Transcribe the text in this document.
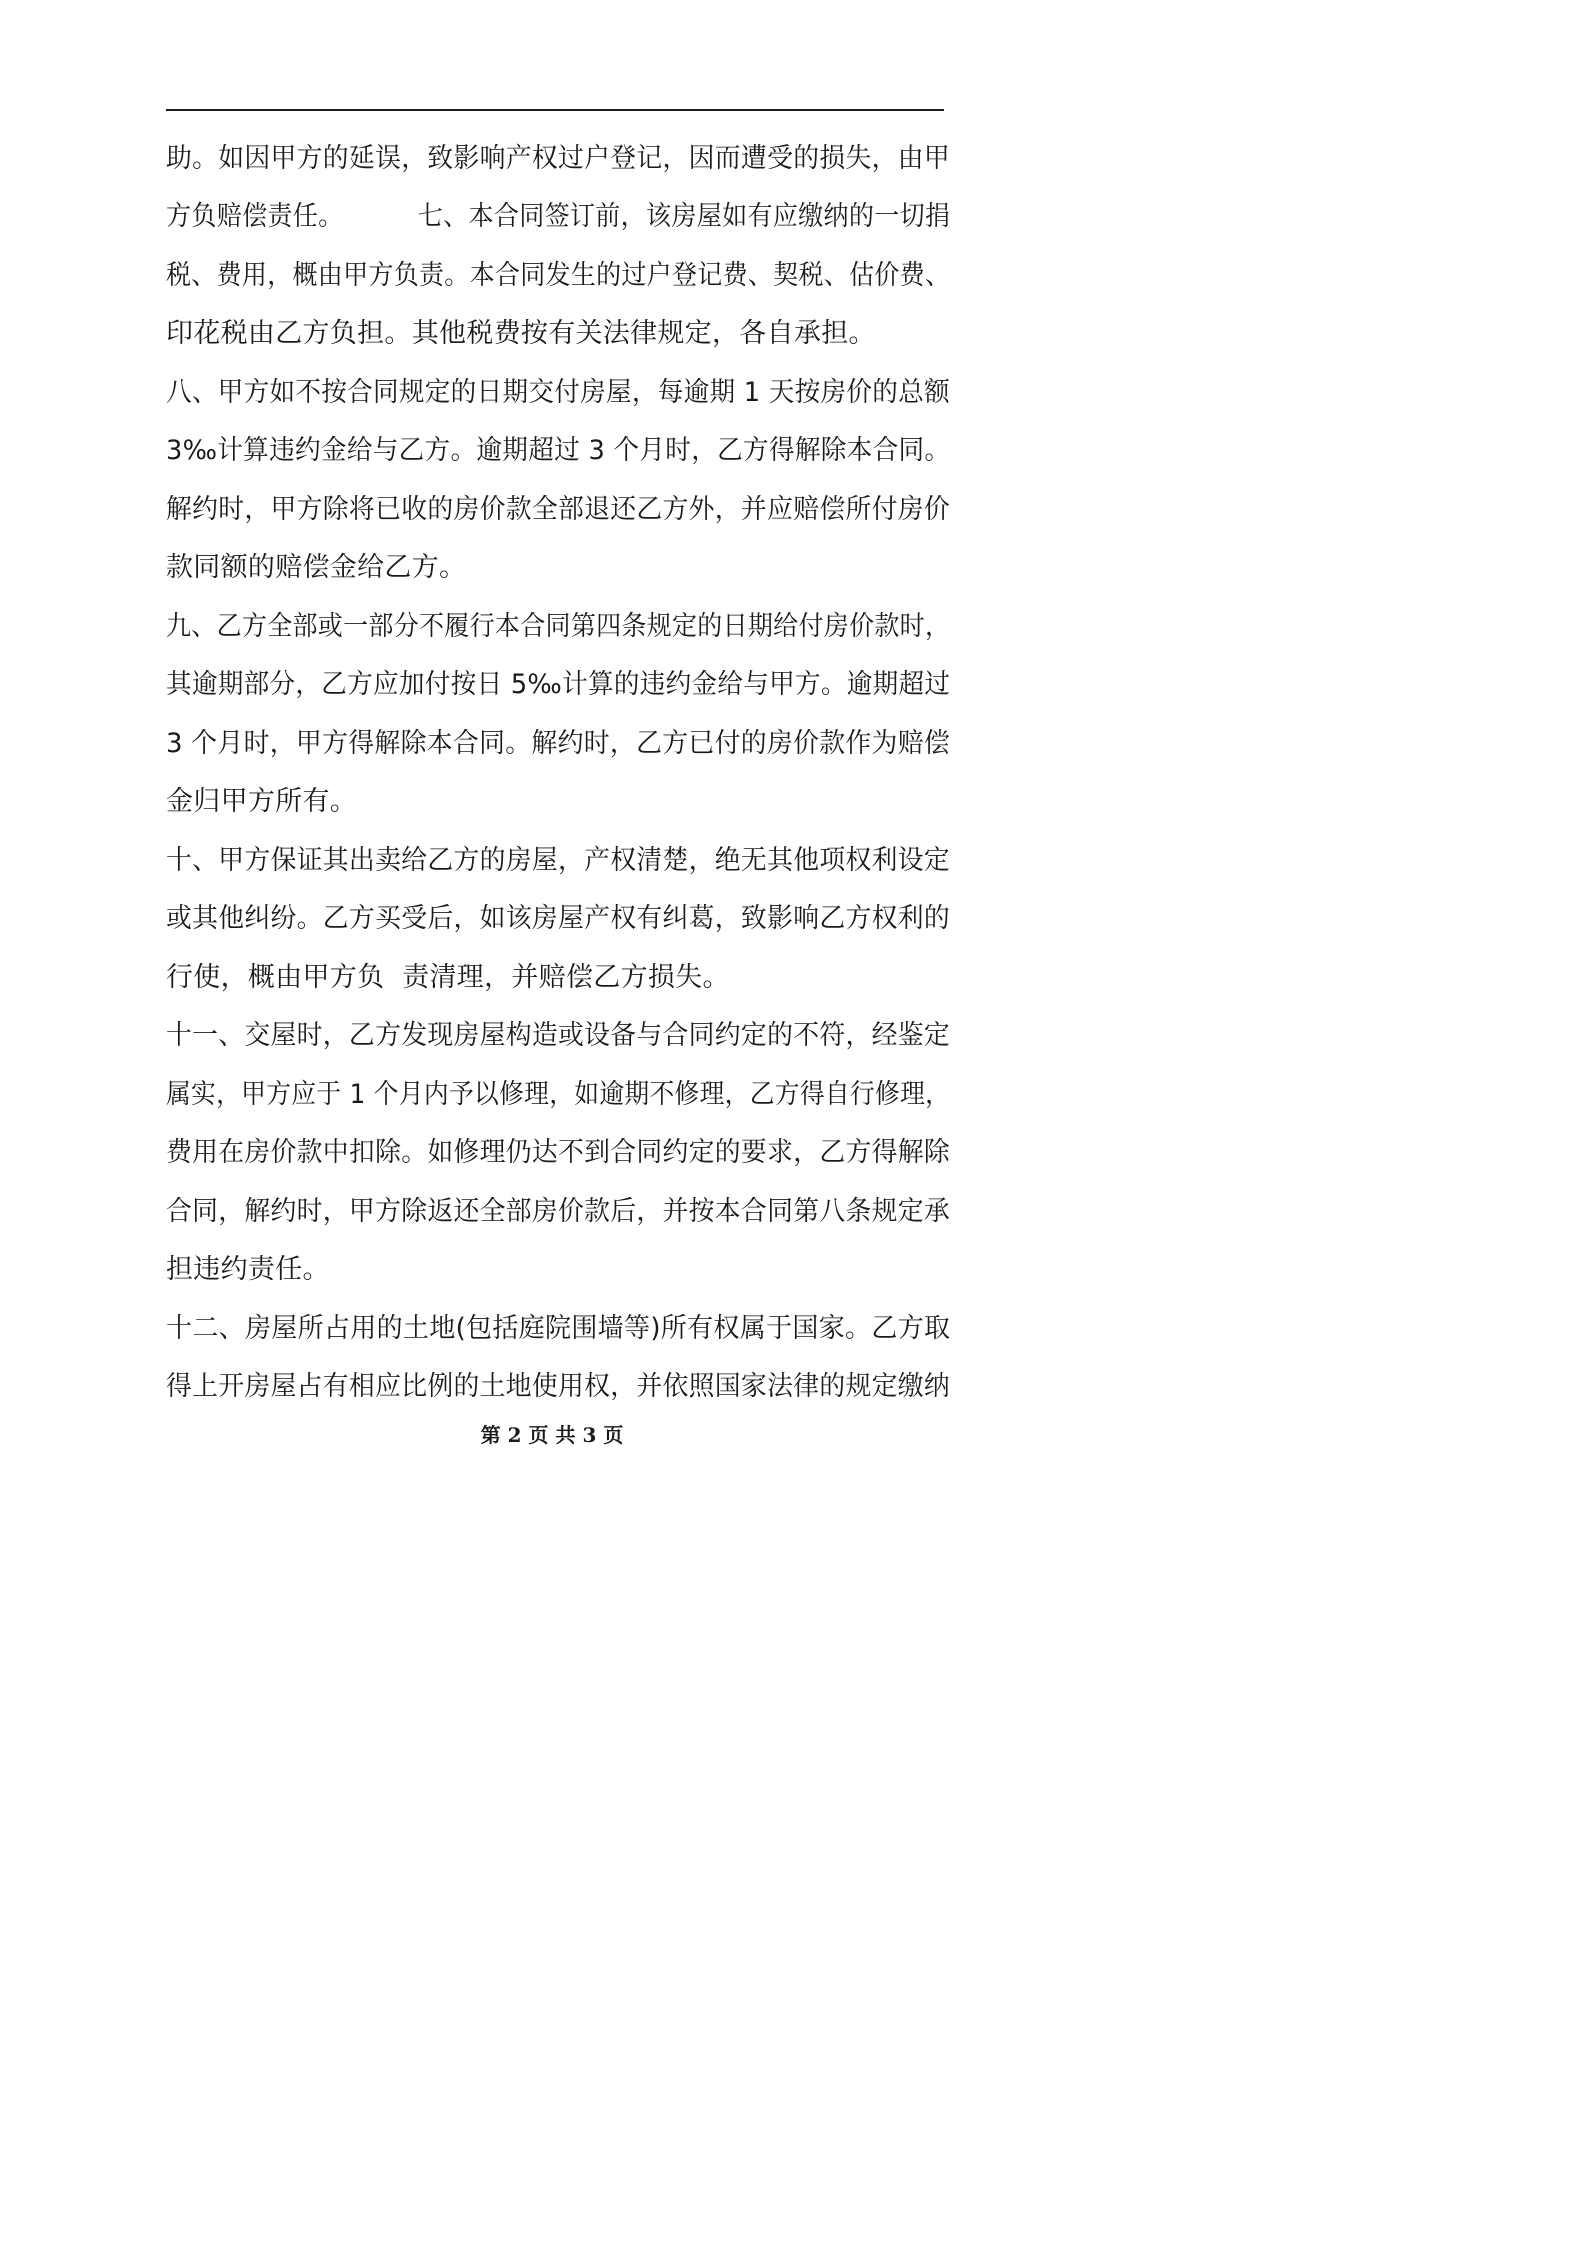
助。如因甲方的延误，致影响产权过户登记，因而遭受的损失，由甲
方负赔偿责任。         七、本合同签订前，该房屋如有应缴纳的一切捐
税、费用，概由甲方负责。本合同发生的过户登记费、契税、估价费、
印花税由乙方负担。其他税费按有关法律规定，各自承担。
八、甲方如不按合同规定的日期交付房屋，每逾期 1 天按房价的总额
3‰计算违约金给与乙方。逾期超过 3 个月时，乙方得解除本合同。
解约时，甲方除将已收的房价款全部退还乙方外，并应赔偿所付房价
款同额的赔偿金给乙方。
九、乙方全部或一部分不履行本合同第四条规定的日期给付房价款时，
其逾期部分，乙方应加付按日 5‰计算的违约金给与甲方。逾期超过
3 个月时，甲方得解除本合同。解约时，乙方已付的房价款作为赔偿
金归甲方所有。
十、甲方保证其出卖给乙方的房屋，产权清楚，绝无其他项权利设定
或其他纠纷。乙方买受后，如该房屋产权有纠葛，致影响乙方权利的
行使，概由甲方负  责清理，并赔偿乙方损失。
十一、交屋时，乙方发现房屋构造或设备与合同约定的不符，经鉴定
属实，甲方应于 1 个月内予以修理，如逾期不修理，乙方得自行修理，
费用在房价款中扣除。如修理仍达不到合同约定的要求，乙方得解除
合同，解约时，甲方除返还全部房价款后，并按本合同第八条规定承
担违约责任。
十二、房屋所占用的土地(包括庭院围墙等)所有权属于国家。乙方取
得上开房屋占有相应比例的土地使用权，并依照国家法律的规定缴纳
第 2 页 共 3 页
